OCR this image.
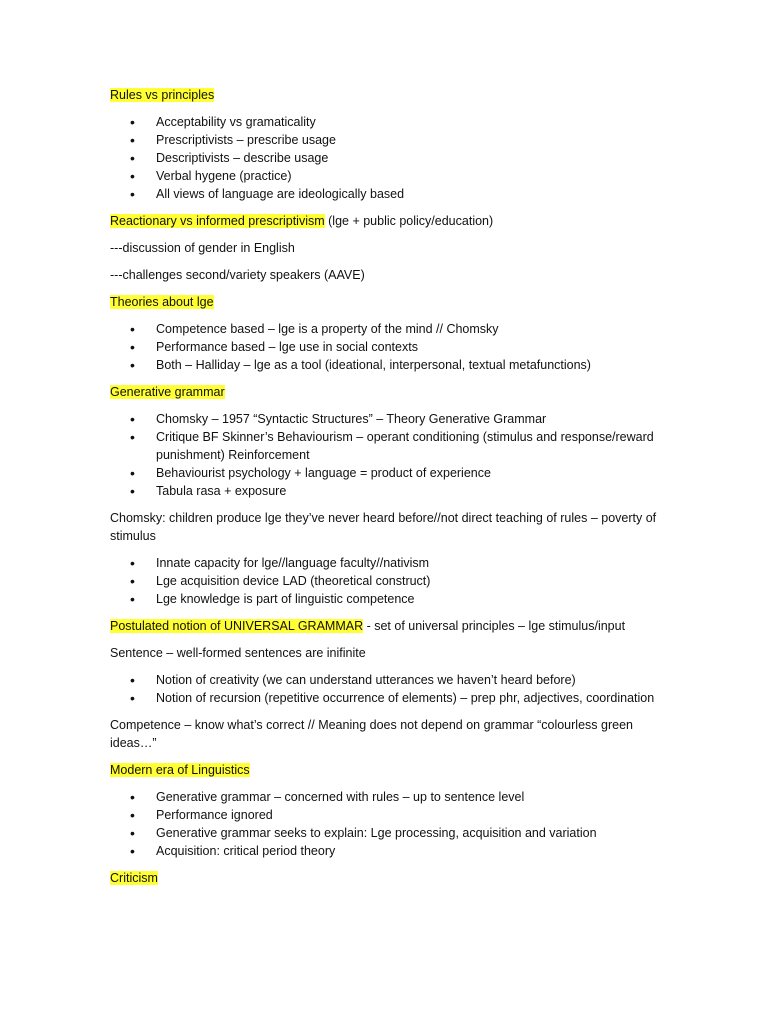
Rules vs principles

• Acceptability vs gramaticality
• Prescriptivists – prescribe usage
• Descriptivists – describe usage
• Verbal hygene (practice)
• All views of language are ideologically based

Reactionary vs informed prescriptivism (lge + public policy/education)

---discussion of gender in English

---challenges second/variety speakers (AAVE)

Theories about lge

• Competence based – lge is a property of the mind // Chomsky
• Performance based – lge use in social contexts
• Both – Halliday – lge as a tool (ideational, interpersonal, textual metafunctions)

Generative grammar

• Chomsky – 1957 “Syntactic Structures” – Theory Generative Grammar
• Critique BF Skinner’s Behaviourism – operant conditioning (stimulus and response/reward punishment) Reinforcement
• Behaviourist psychology + language = product of experience
• Tabula rasa + exposure

Chomsky: children produce lge they’ve never heard before//not direct teaching of rules – poverty of stimulus

• Innate capacity for lge//language faculty//nativism
• Lge acquisition device LAD (theoretical construct)
• Lge knowledge is part of linguistic competence

Postulated notion of UNIVERSAL GRAMMAR - set of universal principles – lge stimulus/input

Sentence – well-formed sentences are inifinite

• Notion of creativity (we can understand utterances we haven’t heard before)
• Notion of recursion (repetitive occurrence of elements) – prep phr, adjectives, coordination

Competence – know what’s correct // Meaning does not depend on grammar “colourless green ideas…”

Modern era of Linguistics

• Generative grammar – concerned with rules – up to sentence level
• Performance ignored
• Generative grammar seeks to explain: Lge processing, acquisition and variation
• Acquisition: critical period theory

Criticism
